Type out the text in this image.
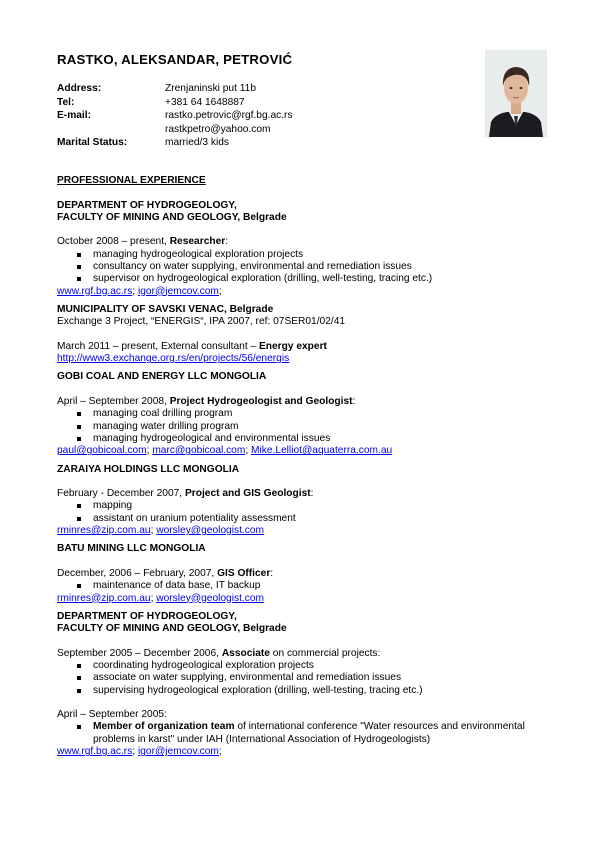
RASTKO, ALEKSANDAR, PETROVIĆ
Address:	Zrenjaninski put 11b
Tel:	+381 64 1648887
E-mail:	rastko.petrovic@rgf.bg.ac.rs
rastkpetro@yahoo.com
Marital Status:	married/3 kids

PROFESSIONAL EXPERIENCE

DEPARTMENT OF HYDROGEOLOGY,

FACULTY OF MINING AND GEOLOGY, Belgrade

October 2008 – present, Researcher:

managing hydrogeological exploration projects
consultancy on water supplying, environmental and remediation issues
supervisor on hydrogeological exploration (drilling, well-testing, tracing etc.)

www.rgf.bg.ac.rs; igor@jemcov.com;

MUNICIPALITY OF SAVSKI VENAC, Belgrade

Exchange 3 Project, “ENERGIS“, IPA 2007, ref: 07SER01/02/41

March 2011 – present, External consultant – Energy expert

http://www3.exchange.org.rs/en/projects/56/energis

GOBI COAL AND ENERGY LLC MONGOLIA

April – September 2008, Project Hydrogeologist and Geologist:

managing coal drilling program
managing water drilling program
managing hydrogeological and environmental issues

paul@gobicoal.com; marc@gobicoal.com; Mike.Lelliot@aquaterra.com.au

ZARAIYA HOLDINGS LLC MONGOLIA

February - December 2007, Project and GIS Geologist:

mapping
assistant on uranium potentiality assessment

rminres@zip.com.au; worsley@geologist.com

BATU MINING LLC MONGOLIA

December, 2006 – February, 2007, GIS Officer:

maintenance of data base, IT backup

rminres@zip.com.au; worsley@geologist.com

DEPARTMENT OF HYDROGEOLOGY,

FACULTY OF MINING AND GEOLOGY, Belgrade

September 2005 – December 2006, Associate on commercial projects:

coordinating hydrogeological exploration projects
associate on water supplying, environmental and remediation issues
supervising hydrogeological exploration (drilling, well-testing, tracing etc.)

April – September 2005:

Member of organization team of international conference "Water resources and environmental problems in karst" under IAH (International Association of Hydrogeologists)

www.rgf.bg.ac.rs; igor@jemcov.com;
